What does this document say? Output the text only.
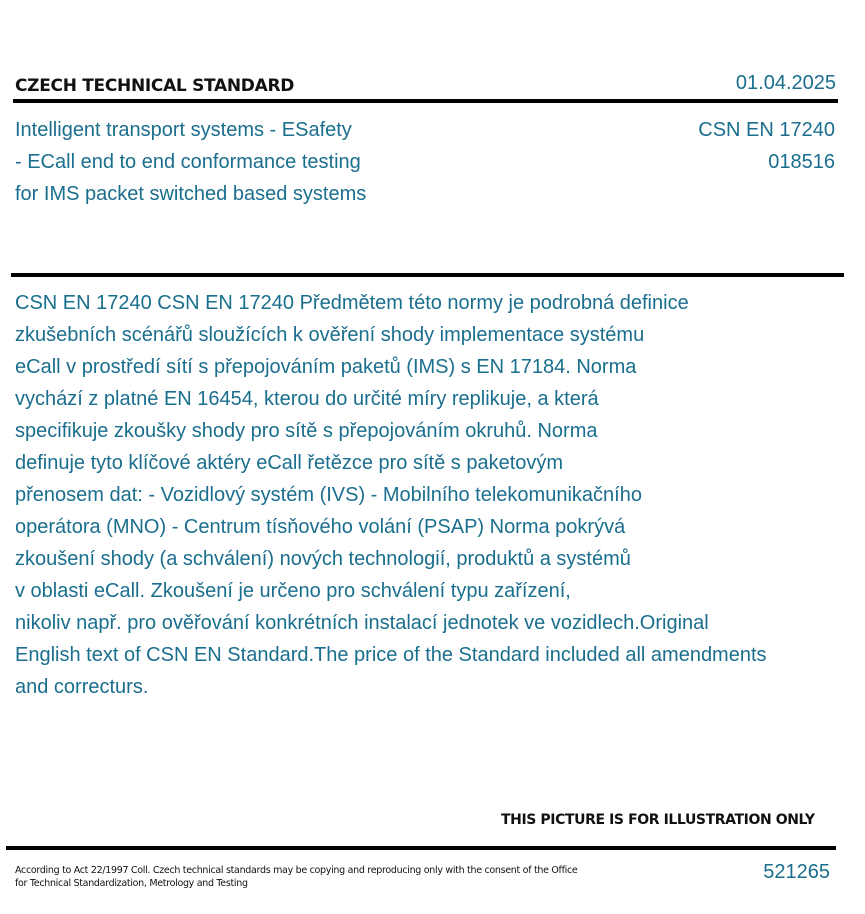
CZECH TECHNICAL STANDARD	01.04.2025
Intelligent transport systems - ESafety
- ECall end to end conformance testing
for IMS packet switched based systems
CSN EN 17240
018516
CSN EN 17240 CSN EN 17240 Předmětem této normy je podrobná definice
zkušebních scénářů sloužících k ověření shody implementace systému
eCall v prostředí sítí s přepojováním paketů (IMS) s EN 17184. Norma
vychází z platné EN 16454, kterou do určité míry replikuje, a která
specifikuje zkoušky shody pro sítě s přepojováním okruhů. Norma
definuje tyto klíčové aktéry eCall řetězce pro sítě s paketovým
přenosem dat: - Vozidlový systém (IVS) - Mobilního telekomunikačního
operátora (MNO) - Centrum tísňového volání (PSAP) Norma pokrývá
zkoušení shody (a schválení) nových technologií, produktů a systémů
v oblasti eCall. Zkoušení je určeno pro schválení typu zařízení,
nikoliv např. pro ověřování konkrétních instalací jednotek ve vozidlech.Original
English text of CSN EN Standard.The price of the Standard included all amendments
and correcturs.
THIS PICTURE IS FOR ILLUSTRATION ONLY
According to Act 22/1997 Coll. Czech technical standards may be copying and reproducing only with the consent of the Office
for Technical Standardization, Metrology and Testing
521265
